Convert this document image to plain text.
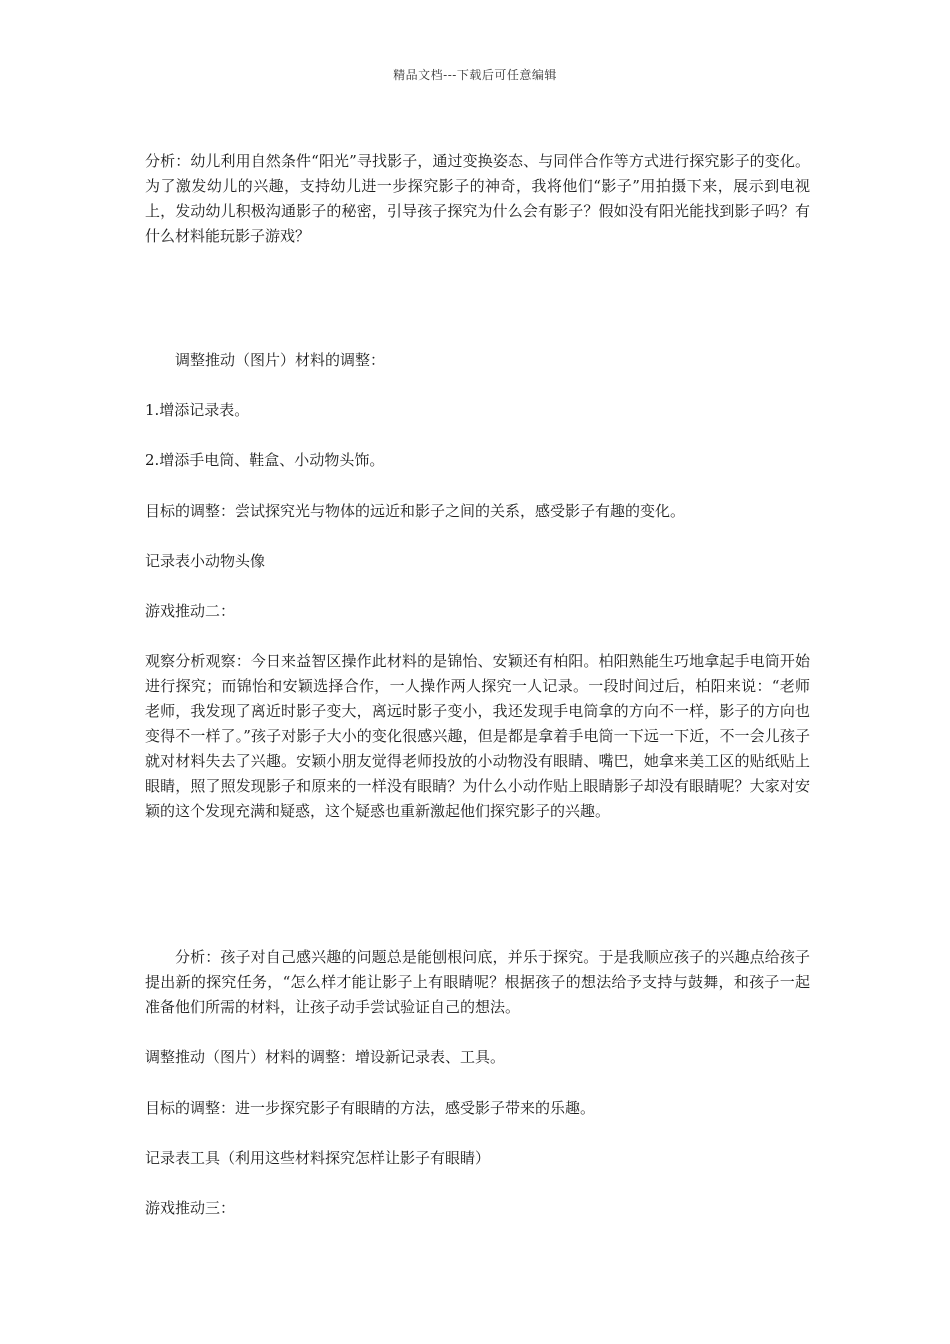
精品文档---下载后可任意编辑

分析：幼儿利用自然条件“阳光”寻找影子，通过变换姿态、与同伴合作等方式进行探究影子的变化。为了激发幼儿的兴趣，支持幼儿进一步探究影子的神奇，我将他们“影子”用拍摄下来，展示到电视上，发动幼儿积极沟通影子的秘密，引导孩子探究为什么会有影子？假如没有阳光能找到影子吗？有什么材料能玩影子游戏？

调整推动（图片）材料的调整：

1.增添记录表。

2.增添手电筒、鞋盒、小动物头饰。

目标的调整：尝试探究光与物体的远近和影子之间的关系，感受影子有趣的变化。

记录表小动物头像

游戏推动二：

观察分析观察：今日来益智区操作此材料的是锦怡、安颖还有柏阳。柏阳熟能生巧地拿起手电筒开始进行探究；而锦怡和安颖选择合作，一人操作两人探究一人记录。一段时间过后，柏阳来说：“老师老师，我发现了离近时影子变大，离远时影子变小，我还发现手电筒拿的方向不一样，影子的方向也变得不一样了。”孩子对影子大小的变化很感兴趣，但是都是拿着手电筒一下远一下近，不一会儿孩子就对材料失去了兴趣。安颖小朋友觉得老师投放的小动物没有眼睛、嘴巴，她拿来美工区的贴纸贴上眼睛，照了照发现影子和原来的一样没有眼睛？为什么小动作贴上眼睛影子却没有眼睛呢？大家对安颖的这个发现充满和疑惑，这个疑惑也重新激起他们探究影子的兴趣。

分析：孩子对自己感兴趣的问题总是能刨根问底，并乐于探究。于是我顺应孩子的兴趣点给孩子提出新的探究任务，“怎么样才能让影子上有眼睛呢？根据孩子的想法给予支持与鼓舞，和孩子一起准备他们所需的材料，让孩子动手尝试验证自己的想法。

调整推动（图片）材料的调整：增设新记录表、工具。

目标的调整：进一步探究影子有眼睛的方法，感受影子带来的乐趣。

记录表工具（利用这些材料探究怎样让影子有眼睛）

游戏推动三：
